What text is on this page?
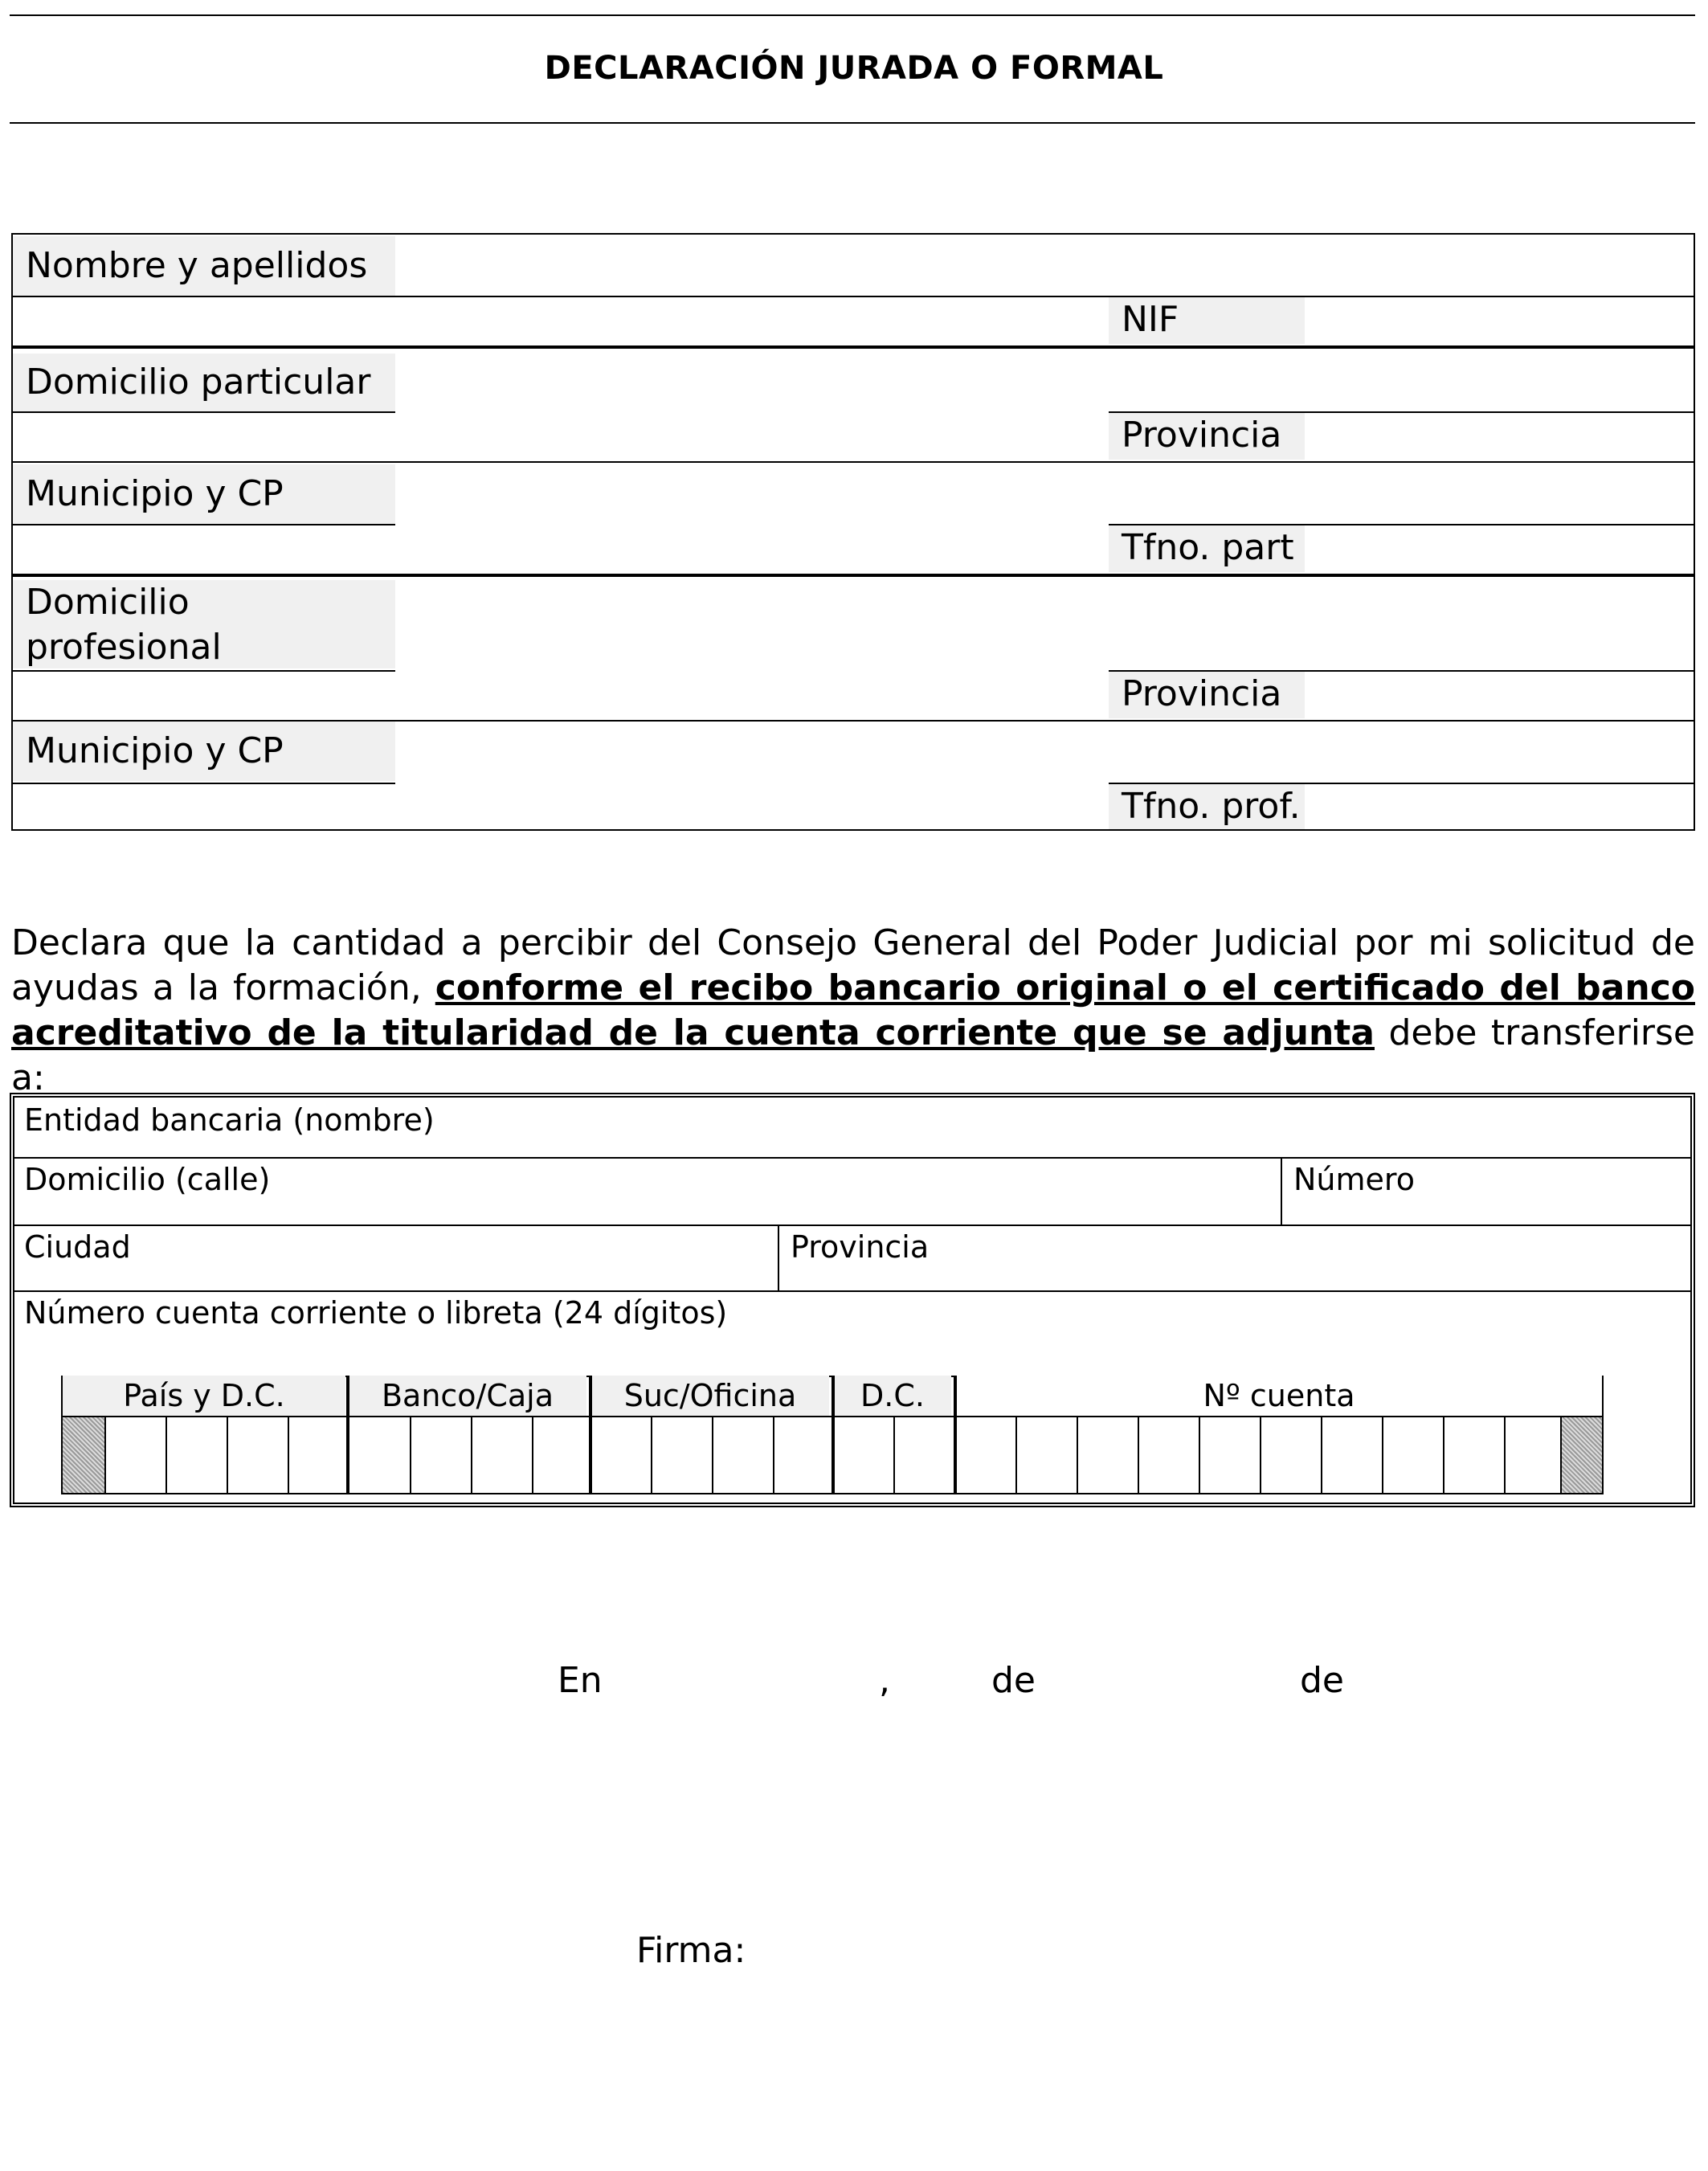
DECLARACIÓN JURADA O FORMAL
Nombre y apellidos
NIF
Domicilio particular
Provincia
Municipio y CP
Tfno. part
Domicilio profesional
Provincia
Municipio y CP
Tfno. prof.
Declara que la cantidad a percibir del Consejo General del Poder Judicial por mi solicitud de ayudas a la formación, conforme el recibo bancario original o el certificado del banco acreditativo de la titularidad de la cuenta corriente que se adjunta debe transferirse a:
Entidad bancaria (nombre)
Domicilio (calle)	Número
Ciudad	Provincia
Número cuenta corriente o libreta (24 dígitos)
País y D.C.	Banco/Caja	Suc/Oficina	D.C.	Nº cuenta
En	,	de	de
Firma:
